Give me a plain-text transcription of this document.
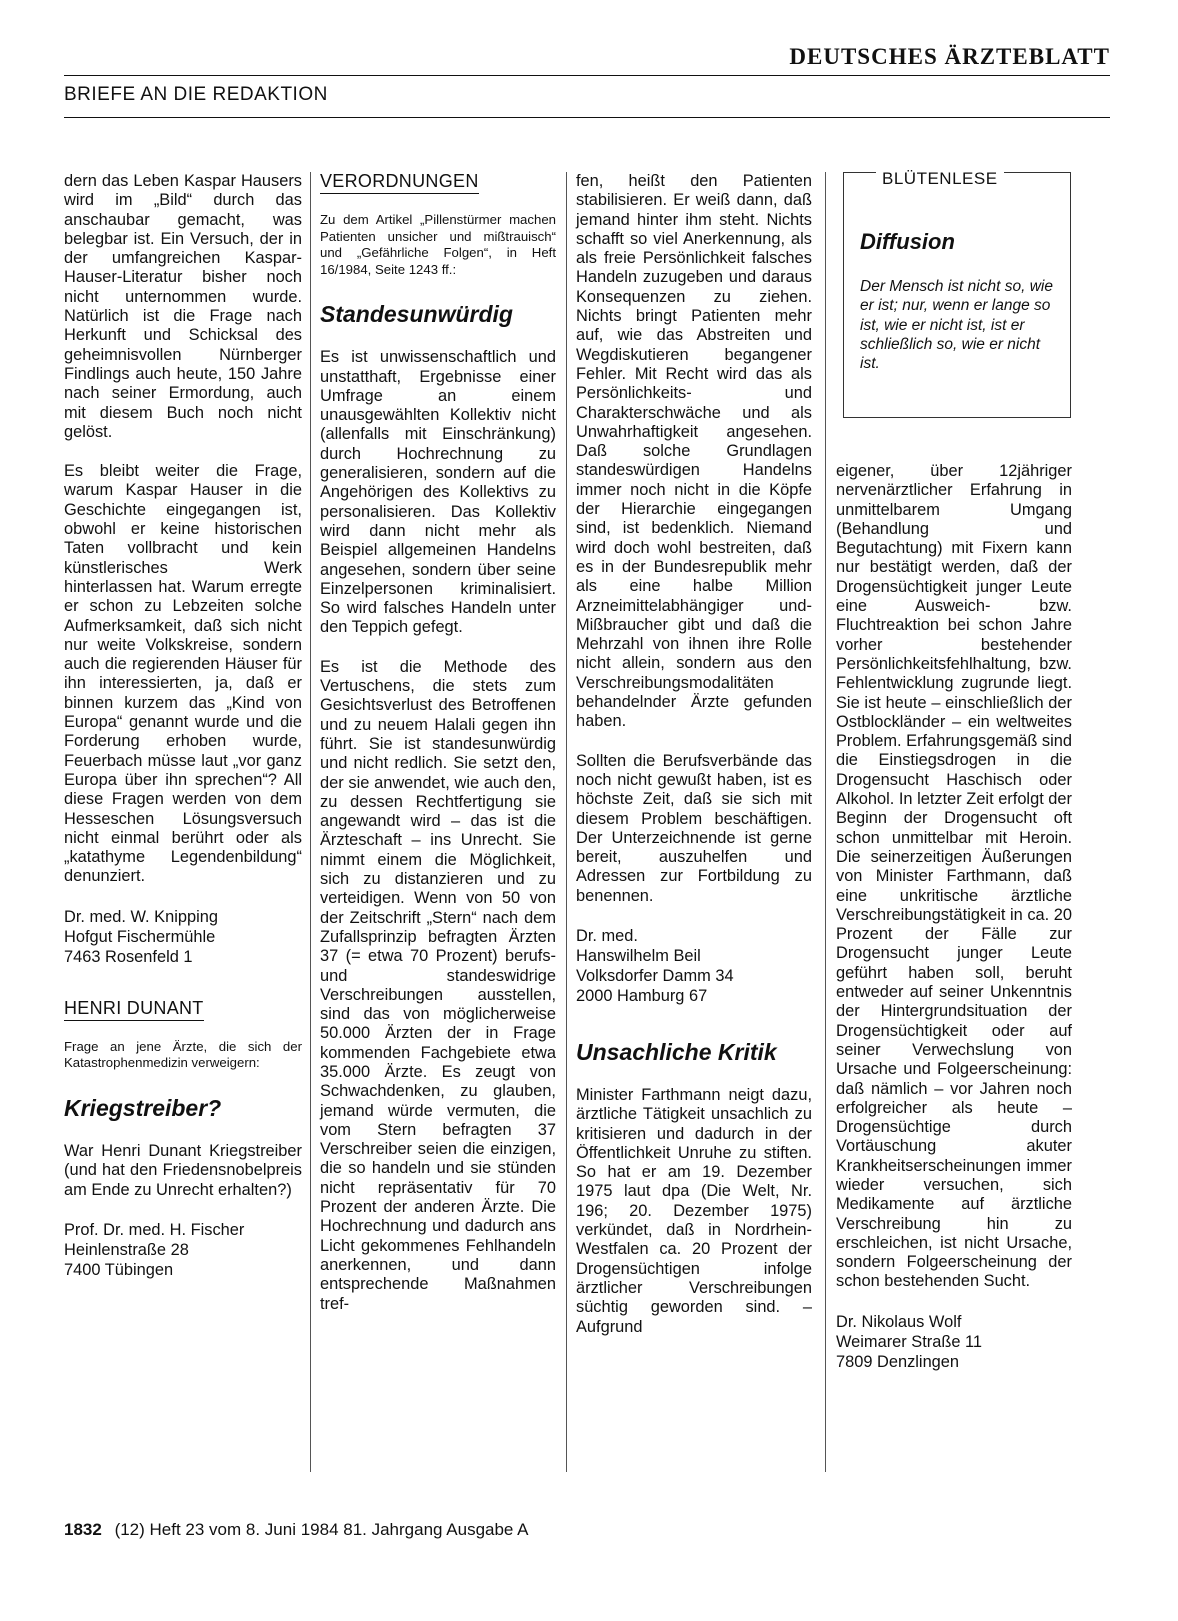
DEUTSCHES ÄRZTEBLATT
BRIEFE AN DIE REDAKTION

dern das Leben Kaspar Hausers wird im „Bild“ durch das anschaubar gemacht, was belegbar ist. Ein Versuch, der in der umfangreichen Kaspar-Hauser-Literatur bisher noch nicht unternommen wurde. Natürlich ist die Frage nach Herkunft und Schicksal des geheimnisvollen Nürnberger Findlings auch heute, 150 Jahre nach seiner Ermordung, auch mit diesem Buch noch nicht gelöst.

Es bleibt weiter die Frage, warum Kaspar Hauser in die Geschichte eingegangen ist, obwohl er keine historischen Taten vollbracht und kein künstlerisches Werk hinterlassen hat. Warum erregte er schon zu Lebzeiten solche Aufmerksamkeit, daß sich nicht nur weite Volkskreise, sondern auch die regierenden Häuser für ihn interessierten, ja, daß er binnen kurzem das „Kind von Europa“ genannt wurde und die Forderung erhoben wurde, Feuerbach müsse laut „vor ganz Europa über ihn sprechen“? All diese Fragen werden von dem Hesseschen Lösungsversuch nicht einmal berührt oder als „katathyme Legendenbildung“ denunziert.

Dr. med. W. Knipping
Hofgut Fischermühle
7463 Rosenfeld 1
HENRI DUNANT
Frage an jene Ärzte, die sich der Katastrophenmedizin verweigern:
Kriegstreiber?

War Henri Dunant Kriegstreiber (und hat den Friedensnobelpreis am Ende zu Unrecht erhalten?)

Prof. Dr. med. H. Fischer
Heinlenstraße 28
7400 Tübingen
VERORDNUNGEN
Zu dem Artikel „Pillenstürmer machen Patienten unsicher und mißtrauisch“ und „Gefährliche Folgen“, in Heft 16/1984, Seite 1243 ff.:
Standesunwürdig

Es ist unwissenschaftlich und unstatthaft, Ergebnisse einer Umfrage an einem unausgewählten Kollektiv nicht (allenfalls mit Einschränkung) durch Hochrechnung zu generalisieren, sondern auf die Angehörigen des Kollektivs zu personalisieren. Das Kollektiv wird dann nicht mehr als Beispiel allgemeinen Handelns angesehen, sondern über seine Einzelpersonen kriminalisiert. So wird falsches Handeln unter den Teppich gefegt.

Es ist die Methode des Vertuschens, die stets zum Gesichtsverlust des Betroffenen und zu neuem Halali gegen ihn führt. Sie ist standesunwürdig und nicht redlich. Sie setzt den, der sie anwendet, wie auch den, zu dessen Rechtfertigung sie angewandt wird – das ist die Ärzteschaft – ins Unrecht. Sie nimmt einem die Möglichkeit, sich zu distanzieren und zu verteidigen. Wenn von 50 von der Zeitschrift „Stern“ nach dem Zufallsprinzip befragten Ärzten 37 (= etwa 70 Prozent) berufs- und standeswidrige Verschreibungen ausstellen, sind das von möglicherweise 50.000 Ärzten der in Frage kommenden Fachgebiete etwa 35.000 Ärzte. Es zeugt von Schwachdenken, zu glauben, jemand würde vermuten, die vom Stern befragten 37 Verschreiber seien die einzigen, die so handeln und sie stünden nicht repräsentativ für 70 Prozent der anderen Ärzte. Die Hochrechnung und dadurch ans Licht gekommenes Fehlhandeln anerkennen, und dann entsprechende Maßnahmen tref-

fen, heißt den Patienten stabilisieren. Er weiß dann, daß jemand hinter ihm steht. Nichts schafft so viel Anerkennung, als als freie Persönlichkeit falsches Handeln zuzugeben und daraus Konsequenzen zu ziehen. Nichts bringt Patienten mehr auf, wie das Abstreiten und Wegdiskutieren begangener Fehler. Mit Recht wird das als Persönlichkeits- und Charakterschwäche und als Unwahrhaftigkeit angesehen. Daß solche Grundlagen standeswürdigen Handelns immer noch nicht in die Köpfe der Hierarchie eingegangen sind, ist bedenklich. Niemand wird doch wohl bestreiten, daß es in der Bundesrepublik mehr als eine halbe Million Arzneimittelabhängiger und-Mißbraucher gibt und daß die Mehrzahl von ihnen ihre Rolle nicht allein, sondern aus den Verschreibungsmodalitäten behandelnder Ärzte gefunden haben.

Sollten die Berufsverbände das noch nicht gewußt haben, ist es höchste Zeit, daß sie sich mit diesem Problem beschäftigen. Der Unterzeichnende ist gerne bereit, auszuhelfen und Adressen zur Fortbildung zu benennen.

Dr. med.
Hanswilhelm Beil
Volksdorfer Damm 34
2000 Hamburg 67
Unsachliche Kritik

Minister Farthmann neigt dazu, ärztliche Tätigkeit unsachlich zu kritisieren und dadurch in der Öffentlichkeit Unruhe zu stiften. So hat er am 19. Dezember 1975 laut dpa (Die Welt, Nr. 196; 20. Dezember 1975) verkündet, daß in Nordrhein-Westfalen ca. 20 Prozent der Drogensüchtigen infolge ärztlicher Verschreibungen süchtig geworden sind. – Aufgrund

BLÜTENLESE
Diffusion
Der Mensch ist nicht so, wie er ist; nur, wenn er lange so ist, wie er nicht ist, ist er schließlich so, wie er nicht ist.

eigener, über 12jähriger nervenärztlicher Erfahrung in unmittelbarem Umgang (Behandlung und Begutachtung) mit Fixern kann nur bestätigt werden, daß der Drogensüchtigkeit junger Leute eine Ausweich- bzw. Fluchtreaktion bei schon Jahre vorher bestehender Persönlichkeitsfehlhaltung, bzw. Fehlentwicklung zugrunde liegt. Sie ist heute – einschließlich der Ostblockländer – ein weltweites Problem. Erfahrungsgemäß sind die Einstiegsdrogen in die Drogensucht Haschisch oder Alkohol. In letzter Zeit erfolgt der Beginn der Drogensucht oft schon unmittelbar mit Heroin. Die seinerzeitigen Äußerungen von Minister Farthmann, daß eine unkritische ärztliche Verschreibungstätigkeit in ca. 20 Prozent der Fälle zur Drogensucht junger Leute geführt haben soll, beruht entweder auf seiner Unkenntnis der Hintergrundsituation der Drogensüchtigkeit oder auf seiner Verwechslung von Ursache und Folgeerscheinung: daß nämlich – vor Jahren noch erfolgreicher als heute – Drogensüchtige durch Vortäuschung akuter Krankheitserscheinungen immer wieder versuchen, sich Medikamente auf ärztliche Verschreibung hin zu erschleichen, ist nicht Ursache, sondern Folgeerscheinung der schon bestehenden Sucht.

Dr. Nikolaus Wolf
Weimarer Straße 11
7809 Denzlingen
1832 (12) Heft 23 vom 8. Juni 1984 81. Jahrgang Ausgabe A
